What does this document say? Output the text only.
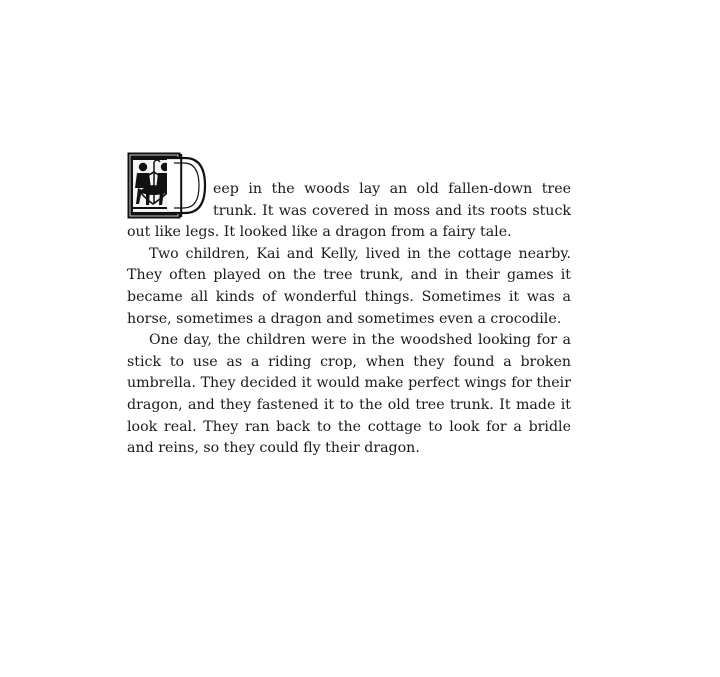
eep in the woods lay an old fallen-down tree trunk. It was covered in moss and its roots stuck out like legs. It looked like a dragon from a fairy tale.

Two children, Kai and Kelly, lived in the cottage nearby. They often played on the tree trunk, and in their games it became all kinds of wonderful things. Sometimes it was a horse, sometimes a dragon and sometimes even a crocodile.

One day, the children were in the woodshed looking for a stick to use as a riding crop, when they found a broken umbrella. They decided it would make perfect wings for their dragon, and they fastened it to the old tree trunk. It made it look real. They ran back to the cottage to look for a bridle and reins, so they could fly their dragon.
